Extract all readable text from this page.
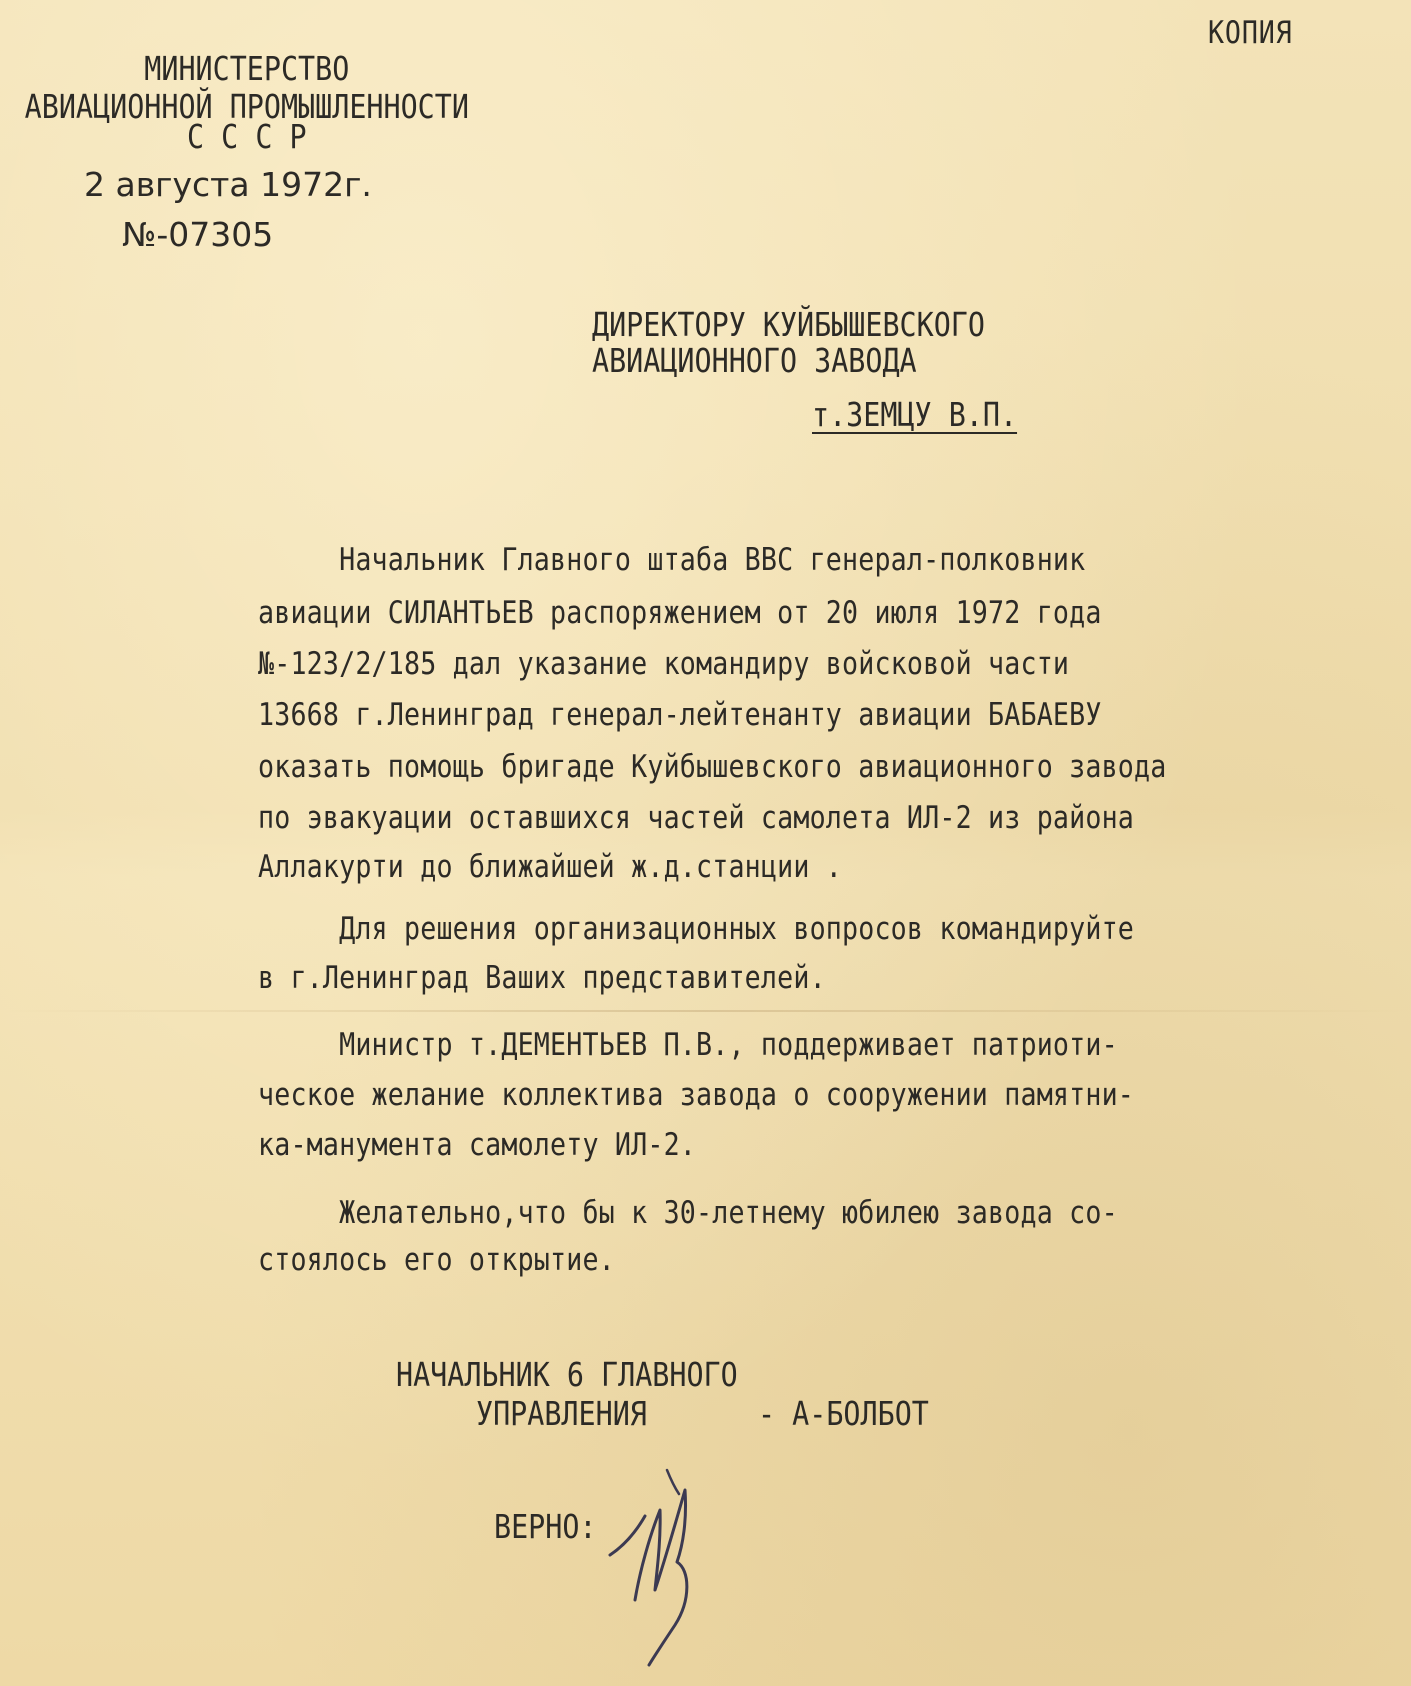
КОПИЯ
МИНИСТЕРСТВО
АВИАЦИОННОЙ ПРОМЫШЛЕННОСТИ
С С С Р
2 августа 1972г.
№-07305
ДИРЕКТОРУ КУЙБЫШЕВСКОГО
АВИАЦИОННОГО ЗАВОДА
т.ЗЕМЦУ В.П.
Начальник Главного штаба ВВС генерал-полковник
авиации СИЛАНТЬЕВ распоряжением от 20 июля 1972 года
№-123/2/185 дал указание командиру войсковой части
13668 г.Ленинград генерал-лейтенанту авиации БАБАЕВУ
оказать помощь бригаде Куйбышевского авиационного завода
по эвакуации оставшихся частей самолета ИЛ-2 из района
Аллакурти до ближайшей ж.д.станции .
Для решения организационных вопросов командируйте
в г.Ленинград Ваших представителей.
Министр т.ДЕМЕНТЬЕВ П.В., поддерживает патриоти-
ческое желание коллектива завода о сооружении памятни-
ка-манумента самолету ИЛ-2.
Желательно,что бы к 30-летнему юбилею завода со-
стоялось его открытие.
НАЧАЛЬНИК 6 ГЛАВНОГО
УПРАВЛЕНИЯ	- А-БОЛБОТ
ВЕРНО:
